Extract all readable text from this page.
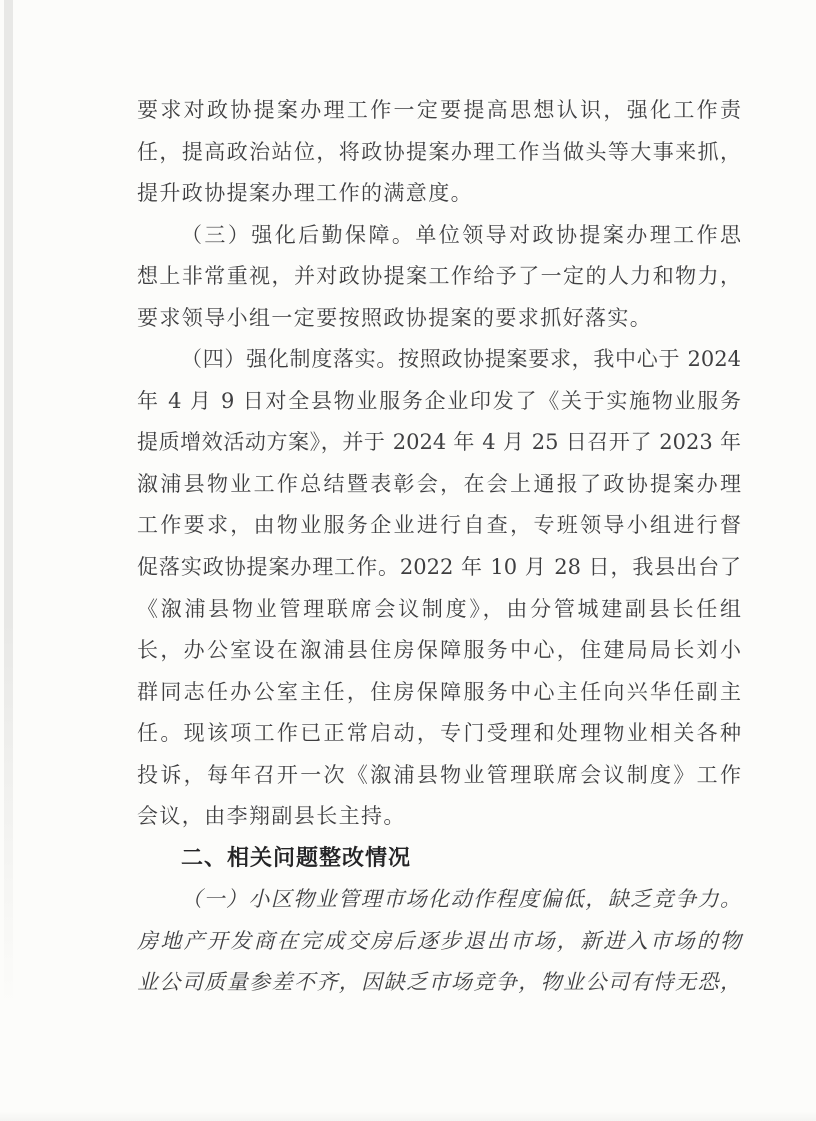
要求对政协提案办理工作一定要提高思想认识，强化工作责
任，提高政治站位，将政协提案办理工作当做头等大事来抓，
提升政协提案办理工作的满意度。
（三）强化后勤保障。单位领导对政协提案办理工作思
想上非常重视，并对政协提案工作给予了一定的人力和物力，
要求领导小组一定要按照政协提案的要求抓好落实。
（四）强化制度落实。按照政协提案要求，我中心于 2024
年 4 月 9 日对全县物业服务企业印发了《关于实施物业服务
提质增效活动方案》，并于 2024 年 4 月 25 日召开了 2023 年
溆浦县物业工作总结暨表彰会，在会上通报了政协提案办理
工作要求，由物业服务企业进行自查，专班领导小组进行督
促落实政协提案办理工作。2022 年 10 月 28 日，我县出台了
《溆浦县物业管理联席会议制度》，由分管城建副县长任组
长，办公室设在溆浦县住房保障服务中心，住建局局长刘小
群同志任办公室主任，住房保障服务中心主任向兴华任副主
任。现该项工作已正常启动，专门受理和处理物业相关各种
投诉，每年召开一次《溆浦县物业管理联席会议制度》工作
会议，由李翔副县长主持。
二、相关问题整改情况
（一）小区物业管理市场化动作程度偏低，缺乏竞争力。
房地产开发商在完成交房后逐步退出市场，新进入市场的物
业公司质量参差不齐，因缺乏市场竞争，物业公司有恃无恐，
